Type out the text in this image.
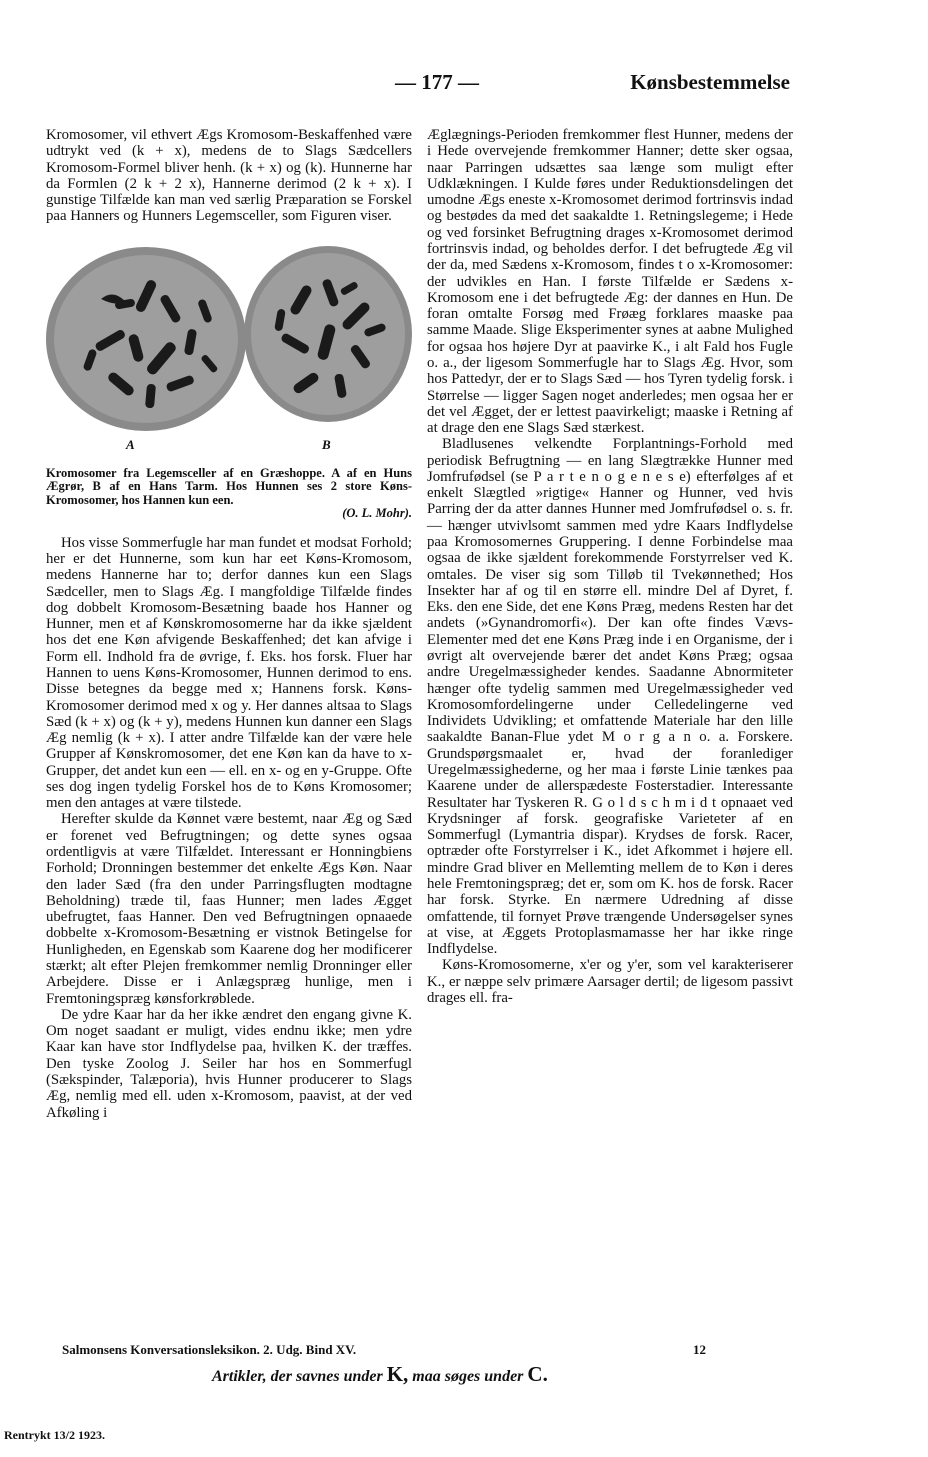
— 177 —	Kønsbestemmelse

Kromosomer, vil ethvert Ægs Kromosom-Beskaffenhed være udtrykt ved (k + x), medens de to Slags Sædcellers Kromosom-Formel bliver henh. (k + x) og (k). Hunnerne har da Formlen (2 k + 2 x), Hannerne derimod (2 k + x). I gunstige Tilfælde kan man ved særlig Præparation se Forskel paa Hanners og Hunners Legemsceller, som Figuren viser.

A	B
Kromosomer fra Legemsceller af en Græshoppe. A af en Huns Ægrør, B af en Hans Tarm. Hos Hunnen ses 2 store Køns-Kromosomer, hos Hannen kun een.
(O. L. Mohr).

Hos visse Sommerfugle har man fundet et modsat Forhold; her er det Hunnerne, som kun har eet Køns-Kromosom, medens Hannerne har to; derfor dannes kun een Slags Sædceller, men to Slags Æg. I mangfoldige Tilfælde findes dog dobbelt Kromosom-Besætning baade hos Hanner og Hunner, men et af Kønskromosomerne har da ikke sjældent hos det ene Køn afvigende Beskaffenhed; det kan afvige i Form ell. Indhold fra de øvrige, f. Eks. hos forsk. Fluer har Hannen to uens Køns-Kromosomer, Hunnen derimod to ens. Disse betegnes da begge med x; Hannens forsk. Køns-Kromosomer derimod med x og y. Her dannes altsaa to Slags Sæd (k + x) og (k + y), medens Hunnen kun danner een Slags Æg nemlig (k + x). I atter andre Tilfælde kan der være hele Grupper af Kønskromosomer, det ene Køn kan da have to x-Grupper, det andet kun een — ell. en x- og en y-Gruppe. Ofte ses dog ingen tydelig Forskel hos de to Køns Kromosomer; men den antages at være tilstede.

Herefter skulde da Kønnet være bestemt, naar Æg og Sæd er forenet ved Befrugtningen; og dette synes ogsaa ordentligvis at være Tilfældet. Interessant er Honningbiens Forhold; Dronningen bestemmer det enkelte Ægs Køn. Naar den lader Sæd (fra den under Parringsflugten modtagne Beholdning) træde til, faas Hunner; men lades Ægget ubefrugtet, faas Hanner. Den ved Befrugtningen opnaaede dobbelte x-Kromosom-Besætning er vistnok Betingelse for Hunligheden, en Egenskab som Kaarene dog her modificerer stærkt; alt efter Plejen fremkommer nemlig Dronninger eller Arbejdere. Disse er i Anlægspræg hunlige, men i Fremtoningspræg kønsforkrøblede.

De ydre Kaar har da her ikke ændret den engang givne K. Om noget saadant er muligt, vides endnu ikke; men ydre Kaar kan have stor Indflydelse paa, hvilken K. der træffes. Den tyske Zoolog J. Seiler har hos en Sommerfugl (Sækspinder, Talæporia), hvis Hunner producerer to Slags Æg, nemlig med ell. uden x-Kromosom, paavist, at der ved Afkøling i

Æglægnings-Perioden fremkommer flest Hunner, medens der i Hede overvejende fremkommer Hanner; dette sker ogsaa, naar Parringen udsættes saa længe som muligt efter Udklækningen. I Kulde føres under Reduktionsdelingen det umodne Ægs eneste x-Kromosomet derimod fortrinsvis indad og bestødes da med det saakaldte 1. Retningslegeme; i Hede og ved forsinket Befrugtning drages x-Kromosomet derimod fortrinsvis indad, og beholdes derfor. I det befrugtede Æg vil der da, med Sædens x-Kromosom, findes t o x-Kromosomer: der udvikles en Han. I første Tilfælde er Sædens x-Kromosom ene i det befrugtede Æg: der dannes en Hun. De foran omtalte Forsøg med Frøæg forklares maaske paa samme Maade. Slige Eksperimenter synes at aabne Mulighed for ogsaa hos højere Dyr at paavirke K., i alt Fald hos Fugle o. a., der ligesom Sommerfugle har to Slags Æg. Hvor, som hos Pattedyr, der er to Slags Sæd — hos Tyren tydelig forsk. i Størrelse — ligger Sagen noget anderledes; men ogsaa her er det vel Ægget, der er lettest paavirkeligt; maaske i Retning af at drage den ene Slags Sæd stærkest.

Bladlusenes velkendte Forplantnings-Forhold med periodisk Befrugtning — en lang Slægtrække Hunner med Jomfrufødsel (se P a r t e n o g e n e s e) efterfølges af et enkelt Slægtled »rigtige« Hanner og Hunner, ved hvis Parring der da atter dannes Hunner med Jomfrufødsel o. s. fr. — hænger utvivlsomt sammen med ydre Kaars Indflydelse paa Kromosomernes Gruppering. I denne Forbindelse maa ogsaa de ikke sjældent forekommende Forstyrrelser ved K. omtales. De viser sig som Tilløb til Tvekønnethed; Hos Insekter har af og til en større ell. mindre Del af Dyret, f. Eks. den ene Side, det ene Køns Præg, medens Resten har det andets (»Gynandromorfi«). Der kan ofte findes Vævs-Elementer med det ene Køns Præg inde i en Organisme, der i øvrigt alt overvejende bærer det andet Køns Præg; ogsaa andre Uregelmæssigheder kendes. Saadanne Abnormiteter hænger ofte tydelig sammen med Uregelmæssigheder ved Kromosomfordelingerne under Celledelingerne ved Individets Udvikling; et omfattende Materiale har den lille saakaldte Banan-Flue ydet M o r g a n o. a. Forskere. Grundspørgsmaalet er, hvad der foranlediger Uregelmæssighederne, og her maa i første Linie tænkes paa Kaarene under de allerspædeste Fosterstadier. Interessante Resultater har Tyskeren R. G o l d s c h m i d t opnaaet ved Krydsninger af forsk. geografiske Varieteter af en Sommerfugl (Lymantria dispar). Krydses de forsk. Racer, optræder ofte Forstyrrelser i K., idet Afkommet i højere ell. mindre Grad bliver en Mellemting mellem de to Køn i deres hele Fremtoningspræg; det er, som om K. hos de forsk. Racer har forsk. Styrke. En nærmere Udredning af disse omfattende, til fornyet Prøve trængende Undersøgelser synes at vise, at Æggets Protoplasmamasse her har ikke ringe Indflydelse.

Køns-Kromosomerne, x'er og y'er, som vel karakteriserer K., er næppe selv primære Aarsager dertil; de ligesom passivt drages ell. fra-

Salmonsens Konversationsleksikon. 2. Udg. Bind XV.	12
Artikler, der savnes under K, maa søges under C.
Rentrykt 13/2 1923.
